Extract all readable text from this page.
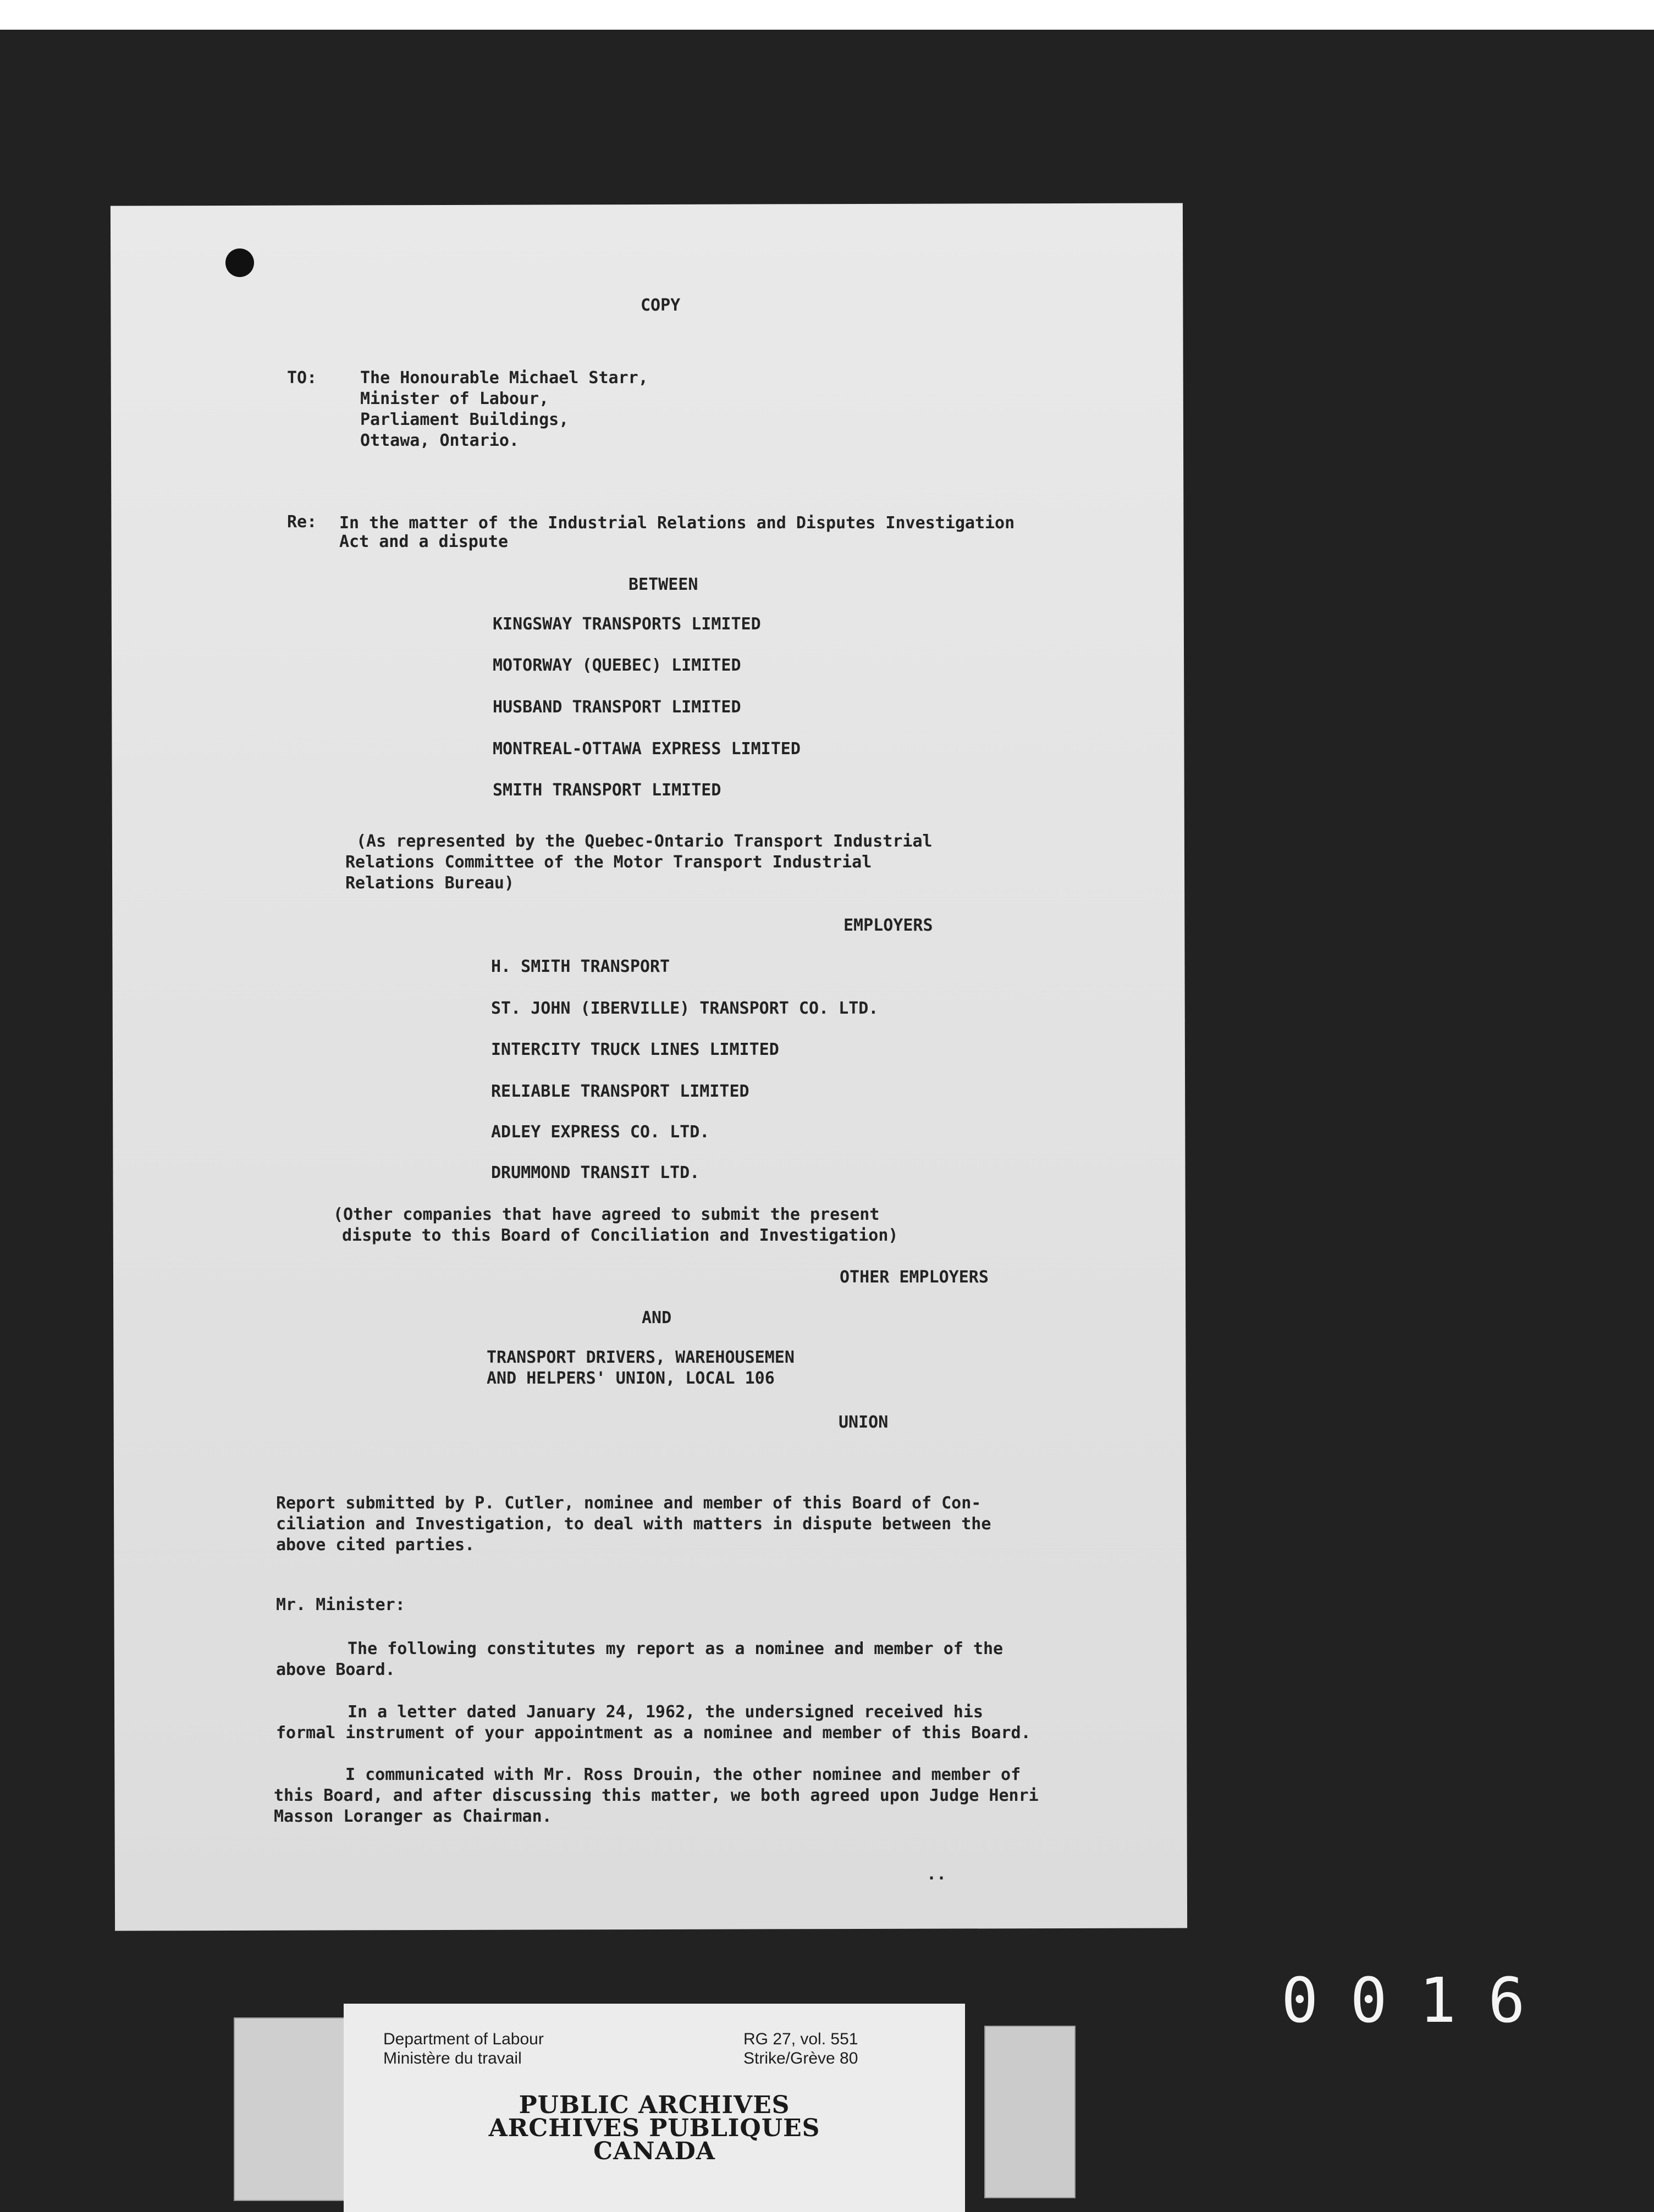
COPY

TO:	The Honourable Michael Starr,

Minister of Labour,

Parliament Buildings,

Ottawa, Ontario.

Re: In the matter of the Industrial Relations and Disputes Investigation

Act and a dispute

BETWEEN

KINGSWAY TRANSPORTS LIMITED

MOTORWAY (QUEBEC) LIMITED

HUSBAND TRANSPORT LIMITED

MONTREAL-OTTAWA EXPRESS LIMITED

SMITH TRANSPORT LIMITED

(As represented by the Quebec-Ontario Transport Industrial

Relations Committee of the Motor Transport Industrial

Relations Bureau)

EMPLOYERS

H. SMITH TRANSPORT

ST. JOHN (IBERVILLE) TRANSPORT CO. LTD.

INTERCITY TRUCK LINES LIMITED

RELIABLE TRANSPORT LIMITED

ADLEY EXPRESS CO. LTD.

DRUMMOND TRANSIT LTD.

(Other companies that have agreed to submit the present

dispute to this Board of Conciliation and Investigation)

OTHER EMPLOYERS

AND

TRANSPORT DRIVERS, WAREHOUSEMEN

AND HELPERS' UNION, LOCAL 106

UNION

Report submitted by P. Cutler, nominee and member of this Board of Con-

ciliation and Investigation, to deal with matters in dispute between the

above cited parties.

Mr. Minister:

The following constitutes my report as a nominee and member of the

above Board.

In a letter dated January 24, 1962, the undersigned received his

formal instrument of your appointment as a nominee and member of this Board.

I communicated with Mr. Ross Drouin, the other nominee and member of

this Board, and after discussing this matter, we both agreed upon Judge Henri

Masson Loranger as Chairman.

..

0016

Department of Labour

Ministère du travail

RG 27, vol. 551

Strike/Grève 80

PUBLIC ARCHIVES

ARCHIVES PUBLIQUES

CANADA
